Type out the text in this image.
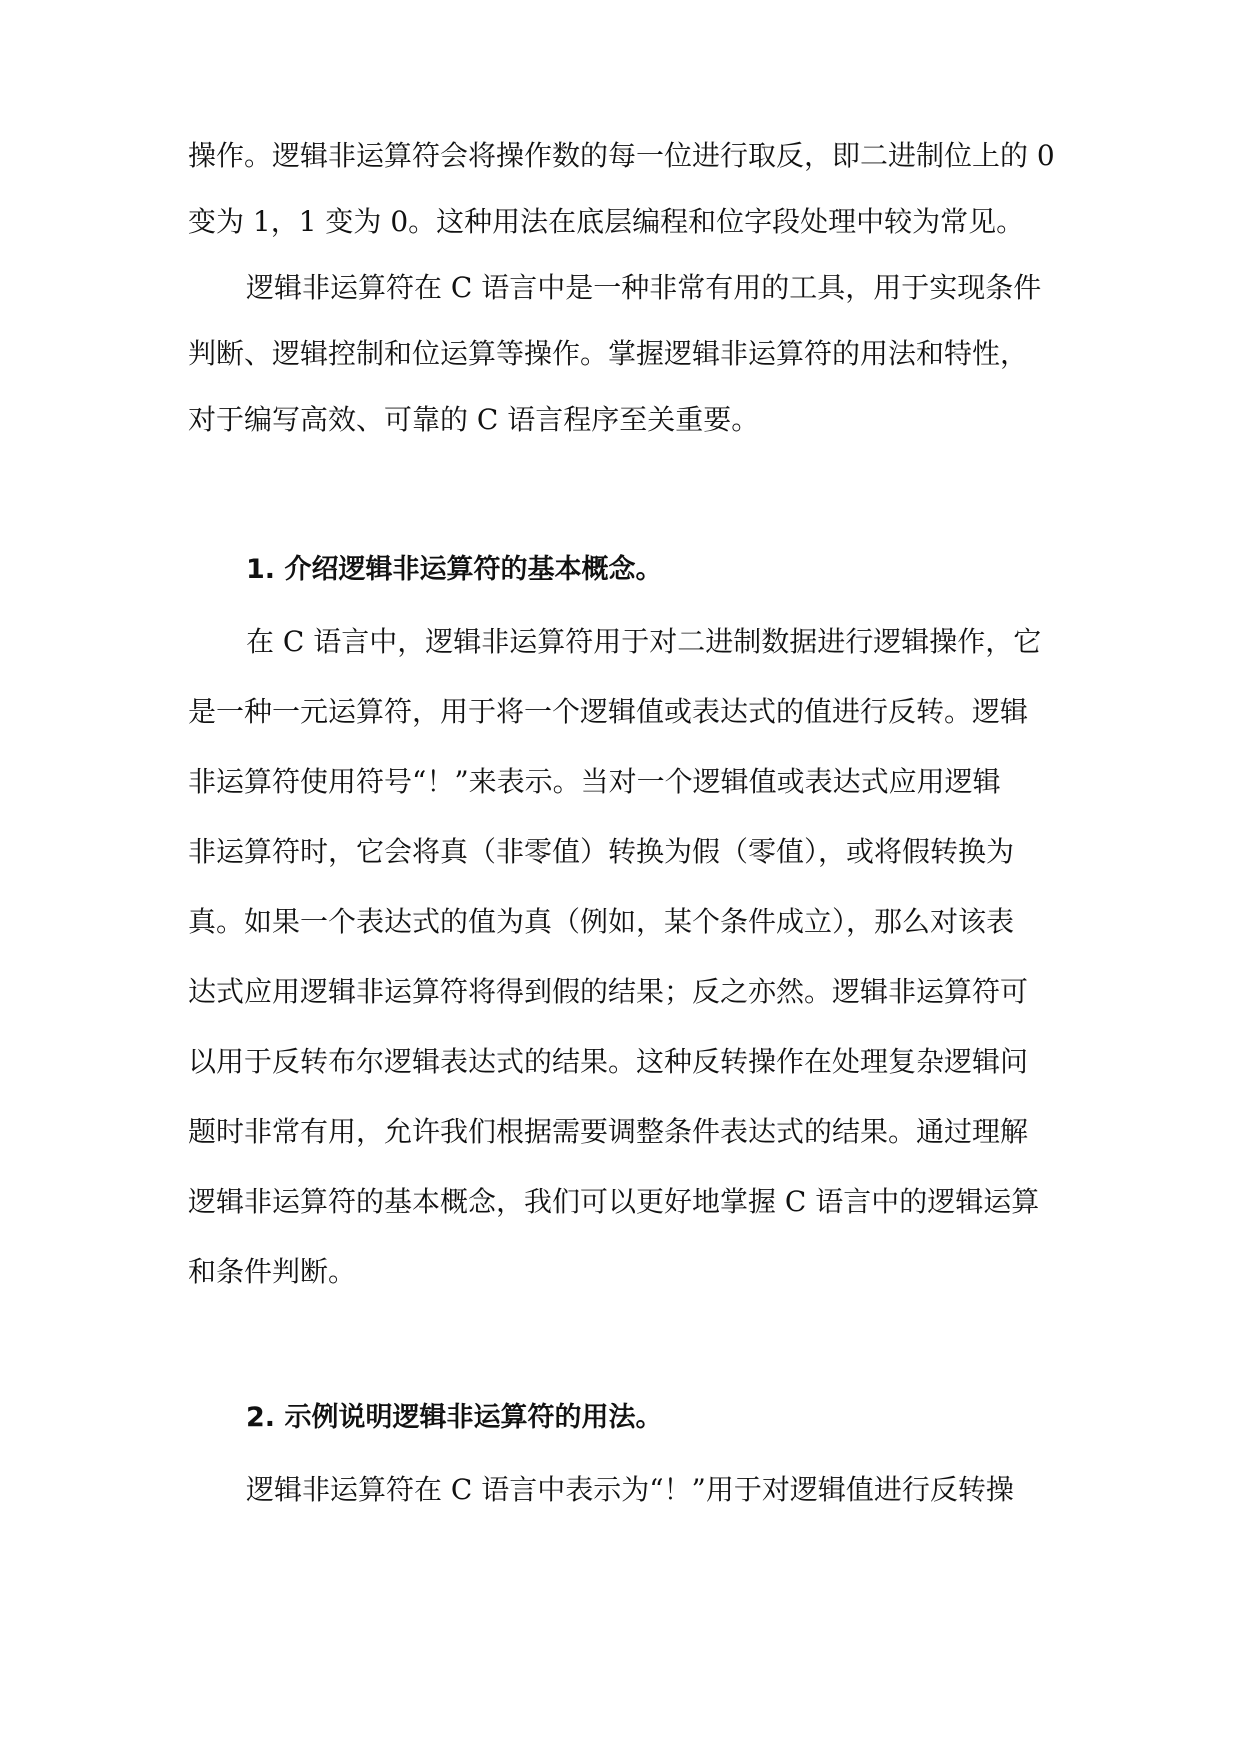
操作。逻辑非运算符会将操作数的每一位进行取反，即二进制位上的 0
变为 1，1 变为 0。这种用法在底层编程和位字段处理中较为常见。
逻辑非运算符在 C 语言中是一种非常有用的工具，用于实现条件
判断、逻辑控制和位运算等操作。掌握逻辑非运算符的用法和特性，
对于编写高效、可靠的 C 语言程序至关重要。
1. 介绍逻辑非运算符的基本概念。
在 C 语言中，逻辑非运算符用于对二进制数据进行逻辑操作，它
是一种一元运算符，用于将一个逻辑值或表达式的值进行反转。逻辑
非运算符使用符号“！”来表示。当对一个逻辑值或表达式应用逻辑
非运算符时，它会将真（非零值）转换为假（零值），或将假转换为
真。如果一个表达式的值为真（例如，某个条件成立），那么对该表
达式应用逻辑非运算符将得到假的结果；反之亦然。逻辑非运算符可
以用于反转布尔逻辑表达式的结果。这种反转操作在处理复杂逻辑问
题时非常有用，允许我们根据需要调整条件表达式的结果。通过理解
逻辑非运算符的基本概念，我们可以更好地掌握 C 语言中的逻辑运算
和条件判断。
2. 示例说明逻辑非运算符的用法。
逻辑非运算符在 C 语言中表示为“！”用于对逻辑值进行反转操
